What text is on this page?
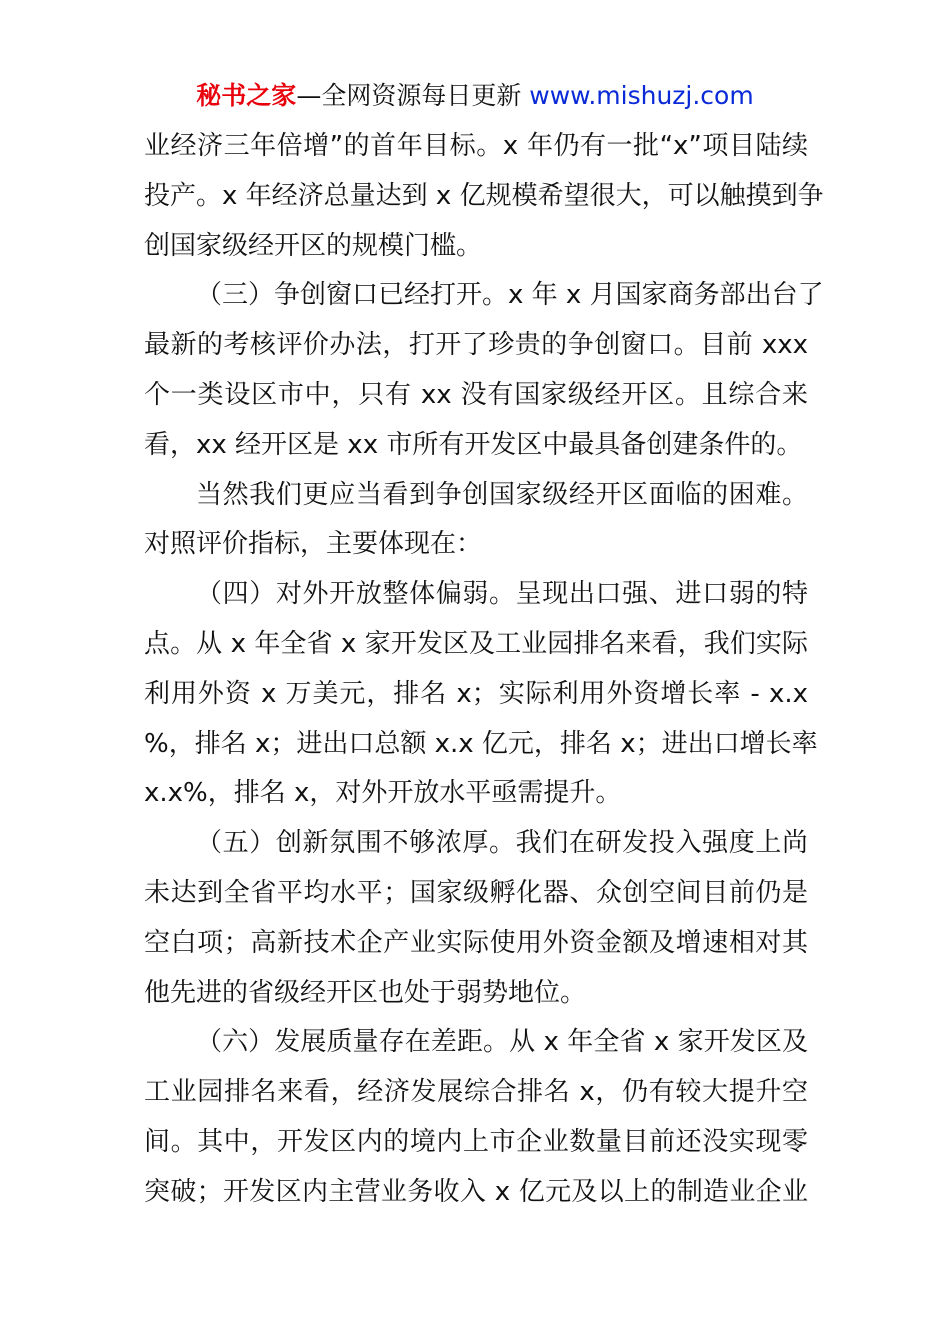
秘书之家—全网资源每日更新 www.mishuzj.com
业经济三年倍增”的首年目标。x 年仍有一批“x”项目陆续
投产。x 年经济总量达到 x 亿规模希望很大，可以触摸到争
创国家级经开区的规模门槛。
（三）争创窗口已经打开。x 年 x 月国家商务部出台了
最新的考核评价办法，打开了珍贵的争创窗口。目前 xxx
个一类设区市中，只有 xx 没有国家级经开区。且综合来
看，xx 经开区是 xx 市所有开发区中最具备创建条件的。
当然我们更应当看到争创国家级经开区面临的困难。
对照评价指标，主要体现在：
（四）对外开放整体偏弱。呈现出口强、进口弱的特
点。从 x 年全省 x 家开发区及工业园排名来看，我们实际
利用外资 x 万美元，排名 x；实际利用外资增长率 - x.x
%，排名 x；进出口总额 x.x 亿元，排名 x；进出口增长率
x.x%，排名 x，对外开放水平亟需提升。
（五）创新氛围不够浓厚。我们在研发投入强度上尚
未达到全省平均水平；国家级孵化器、众创空间目前仍是
空白项；高新技术企产业实际使用外资金额及增速相对其
他先进的省级经开区也处于弱势地位。
（六）发展质量存在差距。从 x 年全省 x 家开发区及
工业园排名来看，经济发展综合排名 x，仍有较大提升空
间。其中，开发区内的境内上市企业数量目前还没实现零
突破；开发区内主营业务收入 x 亿元及以上的制造业企业
